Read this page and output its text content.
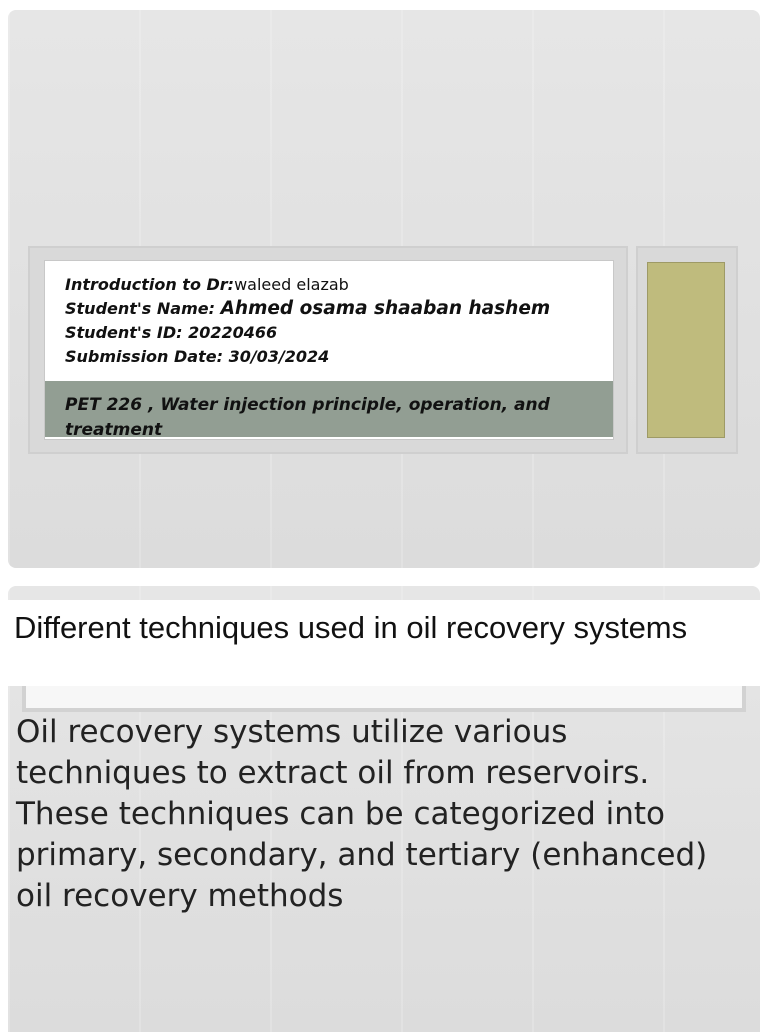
Introduction to Dr:waleed elazab
Student's Name: Ahmed osama shaaban hashem
Student's ID: 20220466
Submission Date: 30/03/2024
PET 226 , Water injection principle, operation, and treatment
Oil recovery systems utilize various techniques to extract oil from reservoirs. These techniques can be categorized into primary, secondary, and tertiary (enhanced) oil recovery methods
Different techniques used in oil recovery systems
